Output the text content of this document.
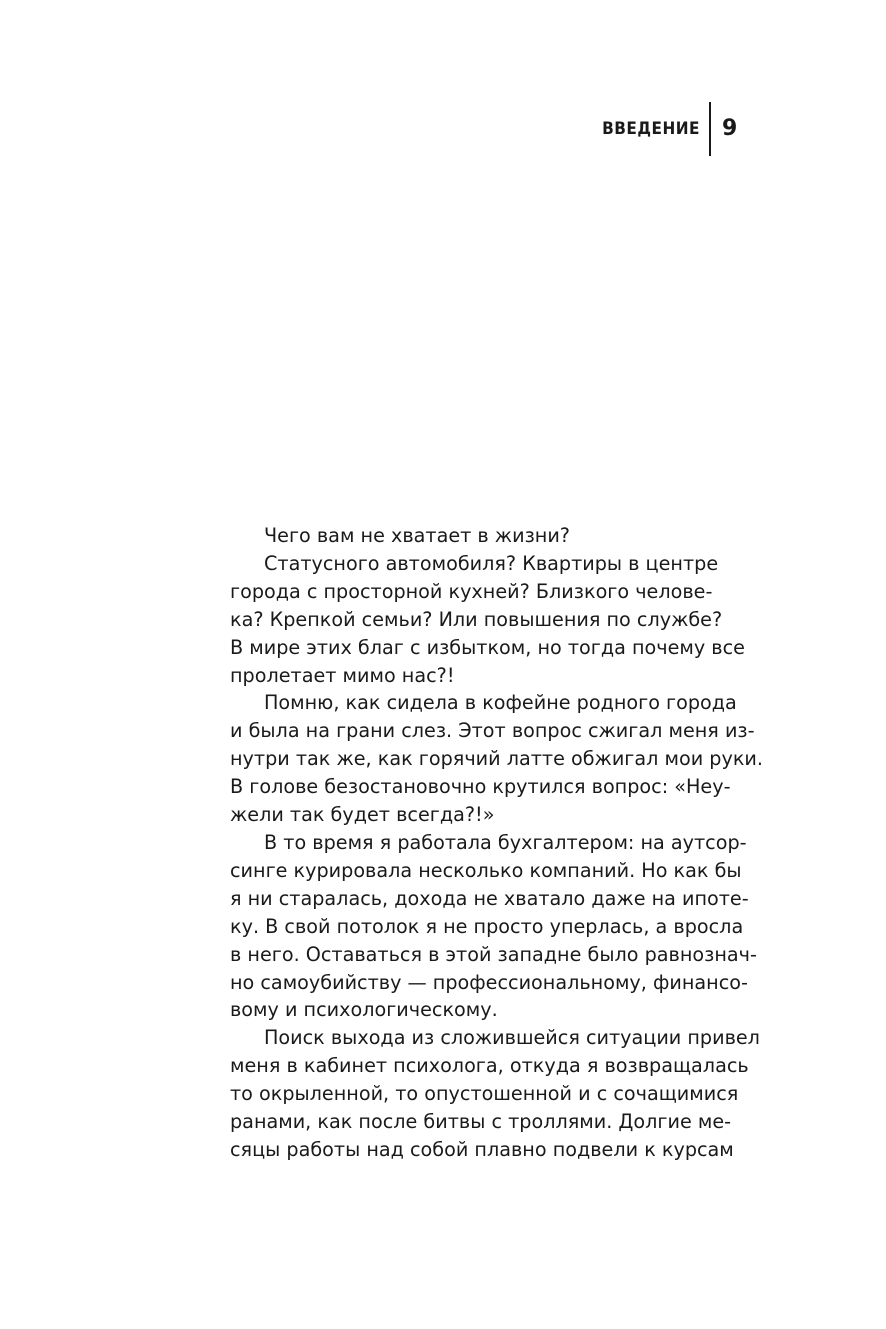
ВВЕДЕНИЕ 9

Чего вам не хватает в жизни?

Статусного автомобиля? Квартиры в центре
города с просторной кухней? Близкого челове-
ка? Крепкой семьи? Или повышения по службе?
В мире этих благ с избытком, но тогда почему все
пролетает мимо нас?!

Помню, как сидела в кофейне родного города
и была на грани слез. Этот вопрос сжигал меня из-
нутри так же, как горячий латте обжигал мои руки.
В голове безостановочно крутился вопрос: «Неу-
жели так будет всегда?!»

В то время я работала бухгалтером: на аутсор-
синге курировала несколько компаний. Но как бы
я ни старалась, дохода не хватало даже на ипоте-
ку. В свой потолок я не просто уперлась, а вросла
в него. Оставаться в этой западне было равнознач-
но самоубийству — профессиональному, финансо-
вому и психологическому.

Поиск выхода из сложившейся ситуации привел
меня в кабинет психолога, откуда я возвращалась
то окрыленной, то опустошенной и с сочащимися
ранами, как после битвы с троллями. Долгие ме-
сяцы работы над собой плавно подвели к курсам
